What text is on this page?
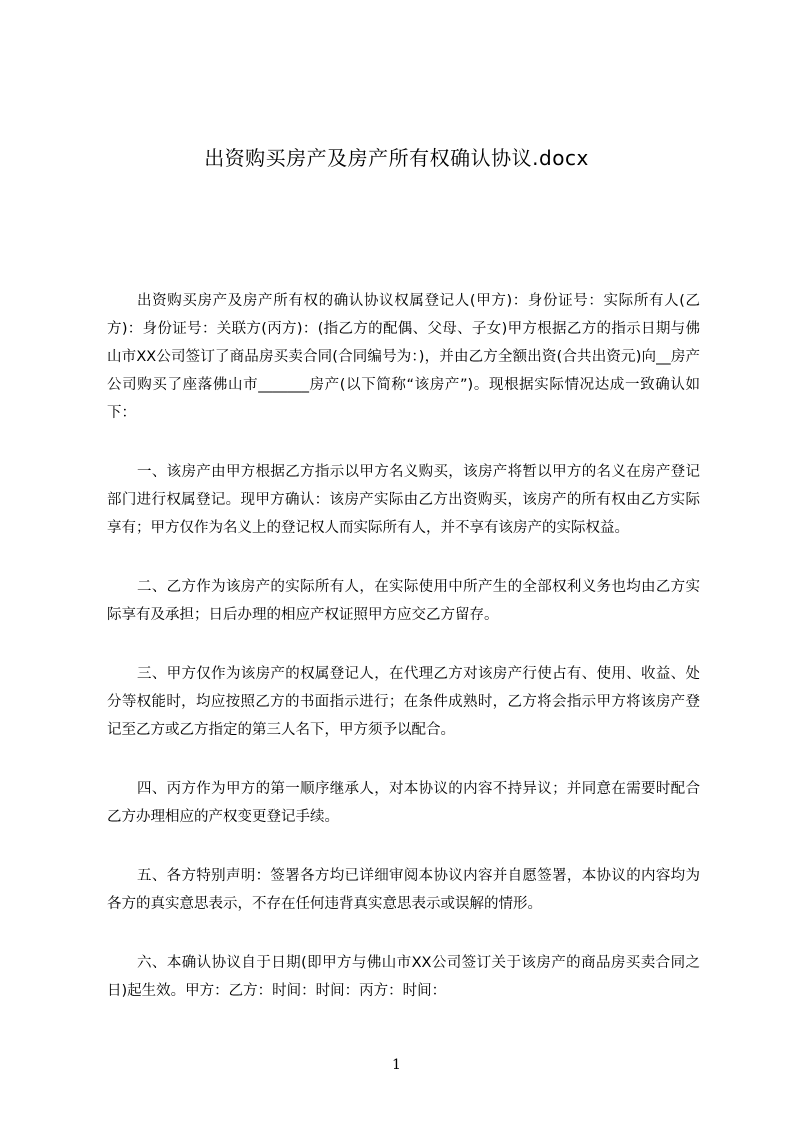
出资购买房产及房产所有权确认协议.docx

出资购买房产及房产所有权的确认协议权属登记人(甲方)：身份证号：实际所有人(乙方)：身份证号：关联方(丙方)：(指乙方的配偶、父母、子女)甲方根据乙方的指示日期与佛山市XX公司签订了商品房买卖合同(合同编号为：)，并由乙方全额出资(合共出资元)向__房产公司购买了座落佛山市_______房产(以下简称“该房产”)。现根据实际情况达成一致确认如下：

一、该房产由甲方根据乙方指示以甲方名义购买，该房产将暂以甲方的名义在房产登记部门进行权属登记。现甲方确认：该房产实际由乙方出资购买，该房产的所有权由乙方实际享有；甲方仅作为名义上的登记权人而实际所有人，并不享有该房产的实际权益。

二、乙方作为该房产的实际所有人，在实际使用中所产生的全部权利义务也均由乙方实际享有及承担；日后办理的相应产权证照甲方应交乙方留存。

三、甲方仅作为该房产的权属登记人，在代理乙方对该房产行使占有、使用、收益、处分等权能时，均应按照乙方的书面指示进行；在条件成熟时，乙方将会指示甲方将该房产登记至乙方或乙方指定的第三人名下，甲方须予以配合。

四、丙方作为甲方的第一顺序继承人，对本协议的内容不持异议；并同意在需要时配合乙方办理相应的产权变更登记手续。

五、各方特别声明：签署各方均已详细审阅本协议内容并自愿签署，本协议的内容均为各方的真实意思表示，不存在任何违背真实意思表示或误解的情形。

六、本确认协议自于日期(即甲方与佛山市XX公司签订关于该房产的商品房买卖合同之日)起生效。甲方：乙方：时间：时间：丙方：时间：

1
